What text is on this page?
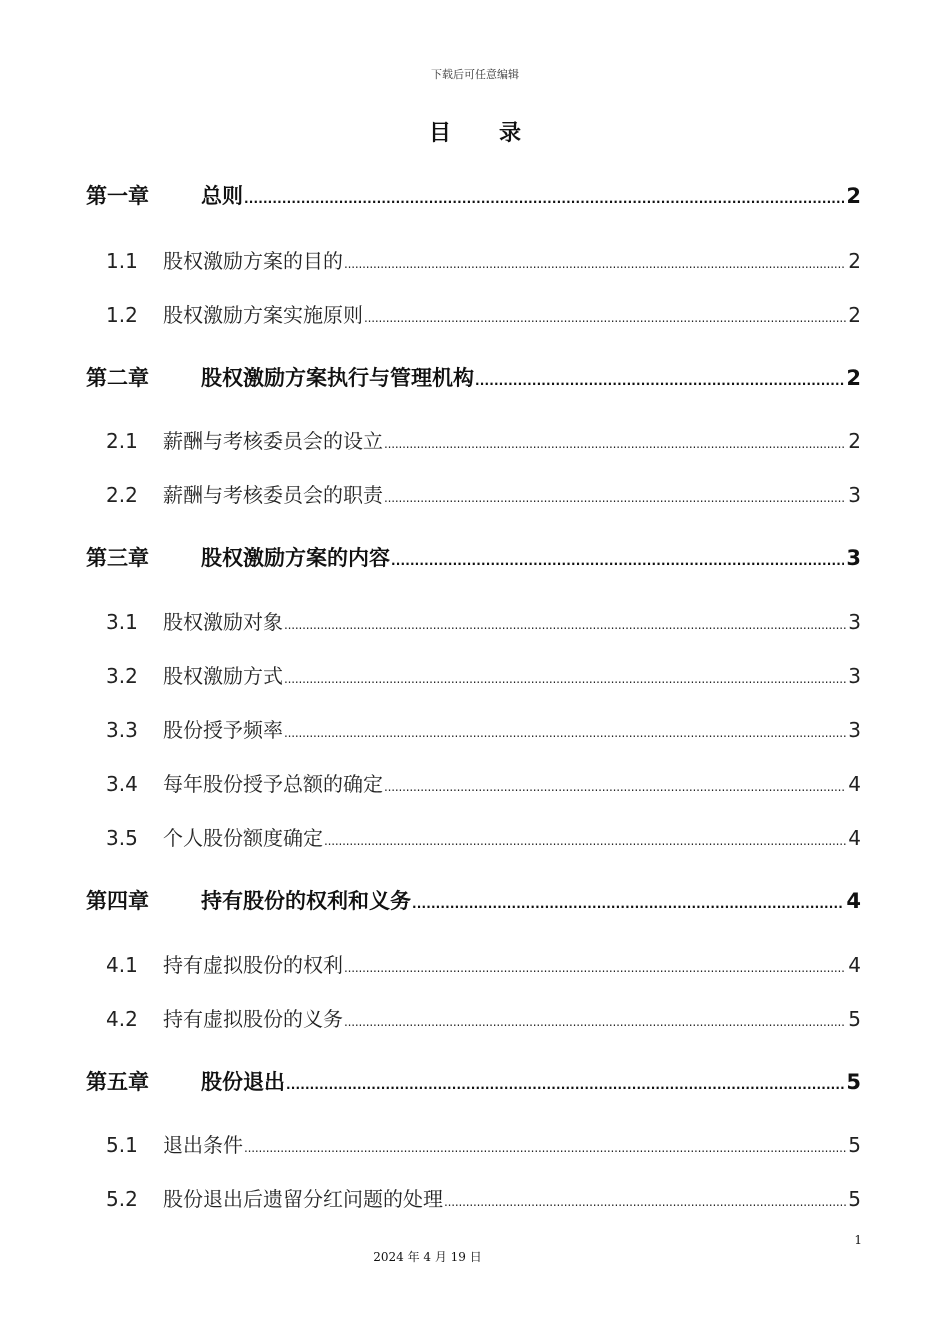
下载后可任意编辑
目录
第一章	总则 . . .	2
1.1	股权激励方案的目的 . . .	2
1.2	股权激励方案实施原则 . . .	2
第二章	股权激励方案执行与管理机构 . . .	2
2.1	薪酬与考核委员会的设立 . . .	2
2.2	薪酬与考核委员会的职责 . . .	3
第三章	股权激励方案的内容 . . .	3
3.1	股权激励对象 . . .	3
3.2	股权激励方式 . . .	3
3.3	股份授予频率 . . .	3
3.4	每年股份授予总额的确定 . . .	4
3.5	个人股份额度确定 . . .	4
第四章	持有股份的权利和义务 . . .	4
4.1	持有虚拟股份的权利 . . .	4
4.2	持有虚拟股份的义务 . . .	5
第五章	股份退出 . . .	5
5.1	退出条件 . . .	5
5.2	股份退出后遗留分红问题的处理 . . .	5
1
2024 年 4 月 19 日
